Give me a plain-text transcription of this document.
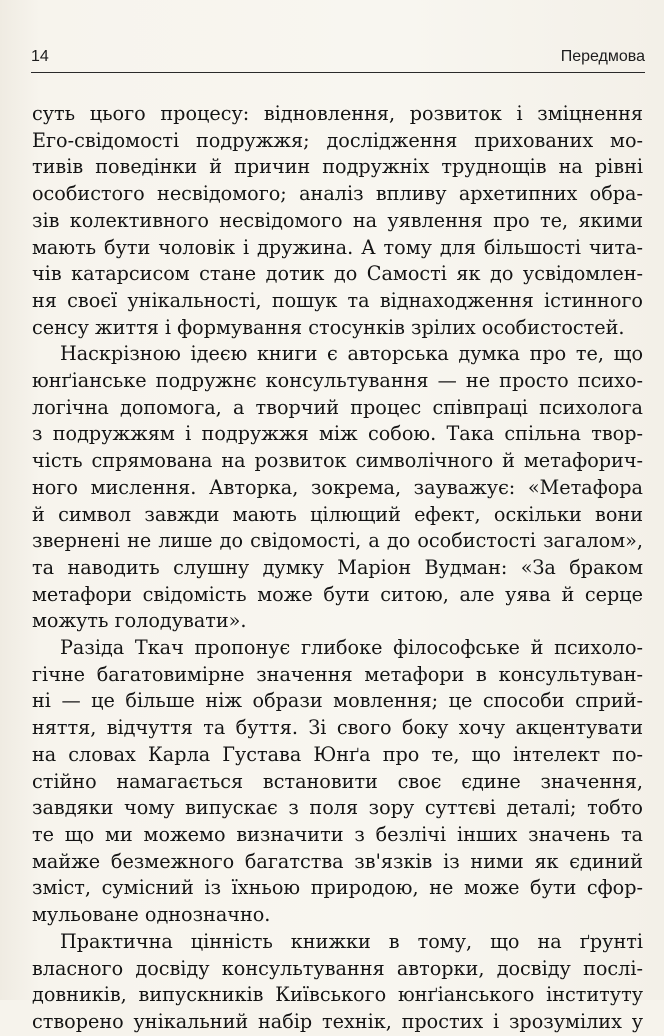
14	Передмова
суть цього процесу: відновлення, розвиток і зміцнення
Его-свідомості подружжя; дослідження прихованих мо-
тивів поведінки й причин подружніх труднощів на рівні
особистого несвідомого; аналіз впливу архетипних обра-
зів колективного несвідомого на уявлення про те, якими
мають бути чоловік і дружина. А тому для більшості чита-
чів катарсисом стане дотик до Самості як до усвідомлен-
ня своєї унікальності, пошук та віднаходження істинного
сенсу життя і формування стосунків зрілих особистостей.
Наскрізною ідеєю книги є авторська думка про те, що
юнґіанське подружнє консультування — не просто психо-
логічна допомога, а творчий процес співпраці психолога
з подружжям і подружжя між собою. Така спільна твор-
чість спрямована на розвиток символічного й метафорич-
ного мислення. Авторка, зокрема, зауважує: «Метафора
й символ завжди мають цілющий ефект, оскільки вони
звернені не лише до свідомості, а до особистості загалом»,
та наводить слушну думку Маріон Вудман: «За браком
метафори свідомість може бути ситою, але уява й серце
можуть голодувати».
Разіда Ткач пропонує глибоке філософське й психоло-
гічне багатовимірне значення метафори в консультуван-
ні — це більше ніж образи мовлення; це способи сприй-
няття, відчуття та буття. Зі свого боку хочу акцентувати
на словах Карла Густава Юнґа про те, що інтелект по-
стійно намагається встановити своє єдине значення,
завдяки чому випускає з поля зору суттєві деталі; тобто
те що ми можемо визначити з безлічі інших значень та
майже безмежного багатства зв'язків із ними як єдиний
зміст, сумісний із їхньою природою, не може бути сфор-
мульоване однозначно.
Практична цінність книжки в тому, що на ґрунті
власного досвіду консультування авторки, досвіду послі-
довників, випускників Київського юнґіанського інституту
створено унікальний набір технік, простих і зрозумілих у
